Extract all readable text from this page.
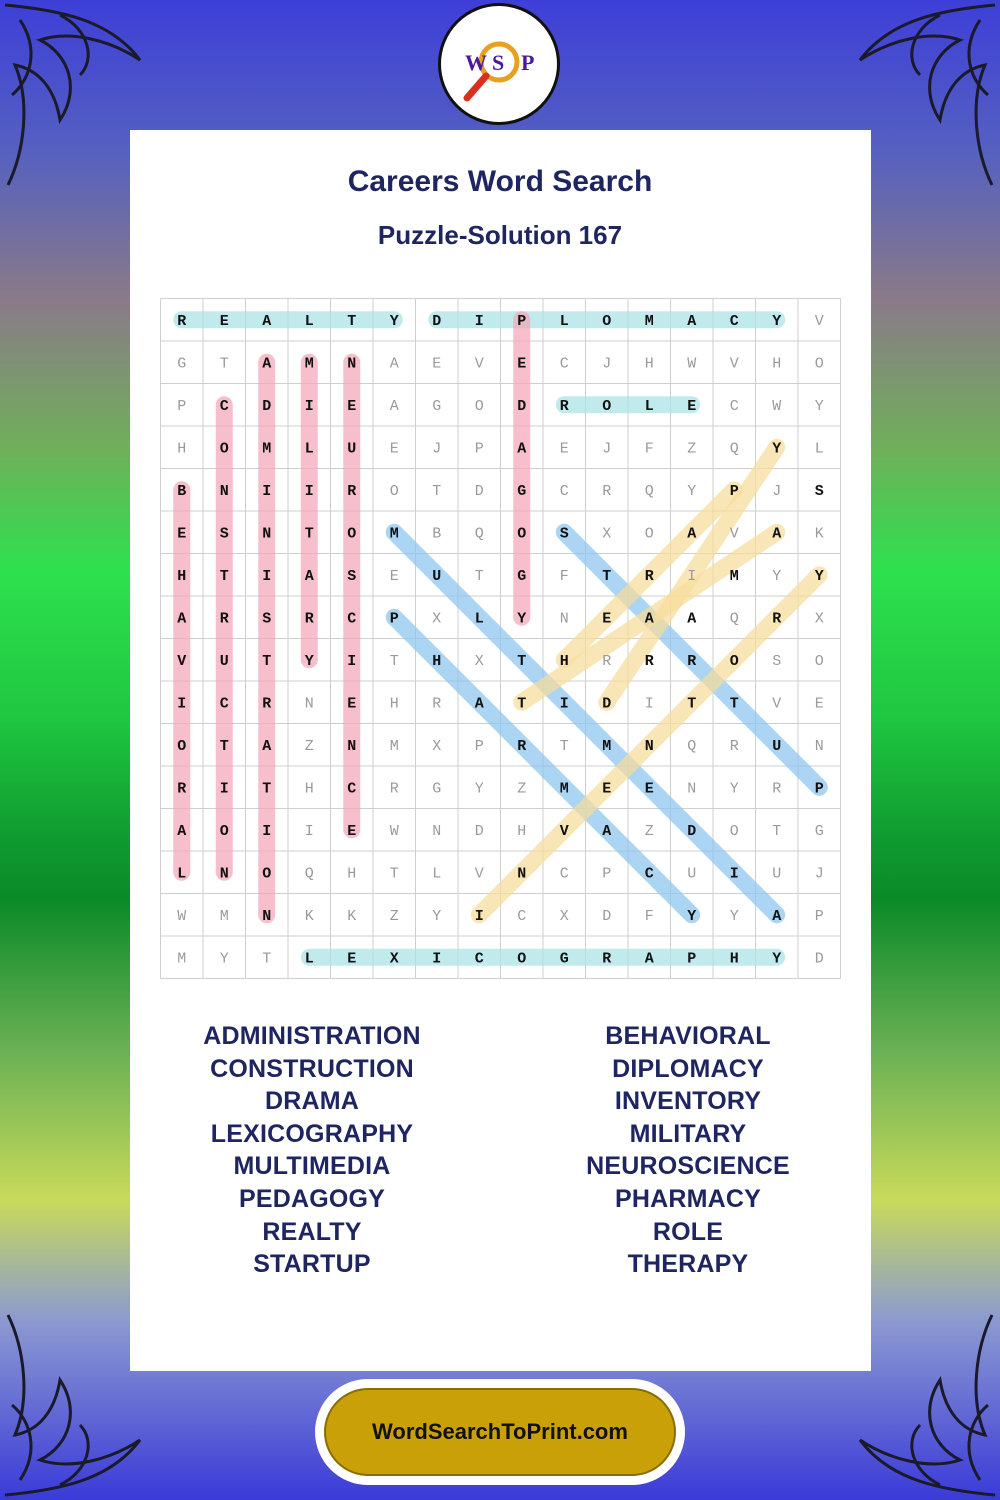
W S P
Careers Word Search
Puzzle-Solution 167
R E A L T Y D I P L O M A C Y V
G T A M N A E V E C J H W V H O
P C D I E A G O D R O L E C W Y
H O M L U E J P A E J F Z Q Y L
B N I I R O T D G C R Q Y P J S
E S N T O M B Q O S X O A V A K
H T I A S E U T G F T R I M Y Y
A R S R C P X L Y N E A A Q R X
V U T Y I T H X T H R R R O S O
I C R N E H R A T I D I T T V E
O T A Z N M X P R T M N Q R U N
R I T H C R G Y Z M E E N Y R P
A O I I E W N D H V A Z D O T G
L N O Q H T L V N C P C U I U J
W M N K K Z Y I C X D F Y Y A P
M Y T L E X I C O G R A P H Y D
ADMINISTRATION
CONSTRUCTION
DRAMA
LEXICOGRAPHY
MULTIMEDIA
PEDAGOGY
REALTY
STARTUP
BEHAVIORAL
DIPLOMACY
INVENTORY
MILITARY
NEUROSCIENCE
PHARMACY
ROLE
THERAPY
WordSearchToPrint.com
